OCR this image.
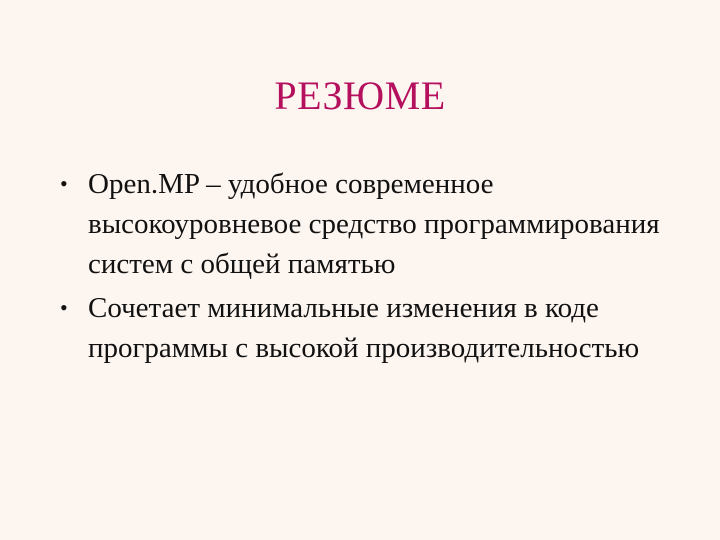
РЕЗЮМЕ
• Open.MP – удобное современное высокоуровневое средство программирования систем с общей памятью
• Сочетает минимальные изменения в коде программы с высокой производительностью
